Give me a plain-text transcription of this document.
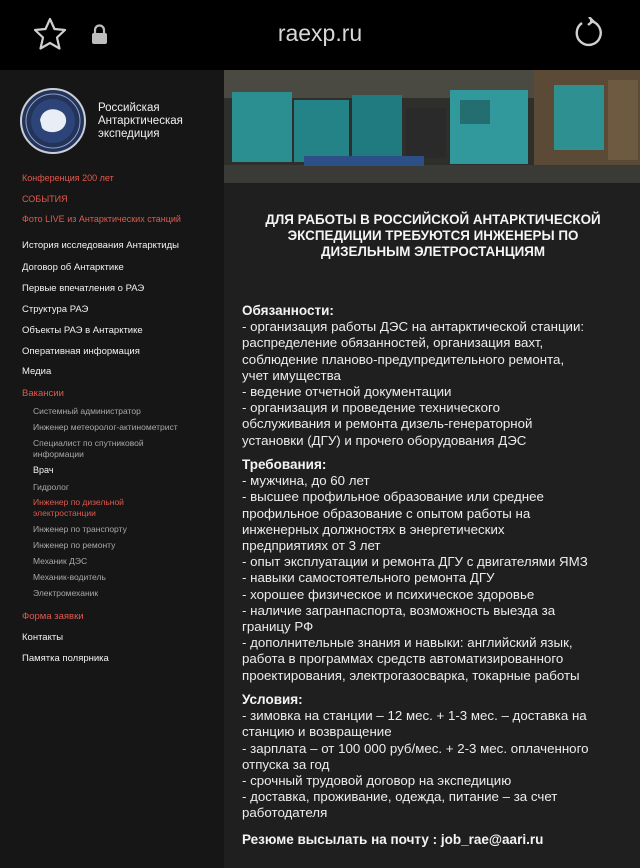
raexp.ru
Российская
Антарктическая
экспедиция
Конференция 200 лет
СОБЫТИЯ
Фото LIVE из Антарктических станций
История исследования Антарктиды
Договор об Антарктике
Первые впечатления о РАЭ
Структура РАЭ
Объекты РАЭ в Антарктике
Оперативная информация
Медиа
Вакансии
Системный администратор
Инженер метеоролог-актинометрист
Специалист по спутниковой
информации
Врач
Гидролог
Инженер по дизельной
электростанции
Инженер по транспорту
Инженер по ремонту
Механик ДЭС
Механик-водитель
Электромеханик
Форма заявки
Контакты
Памятка полярника
ДЛЯ РАБОТЫ В РОССИЙСКОЙ АНТАРКТИЧЕСКОЙ
ЭКСПЕДИЦИИ ТРЕБУЮТСЯ ИНЖЕНЕРЫ ПО
ДИЗЕЛЬНЫМ ЭЛЕТРОСТАНЦИЯМ
Обязанности:

- организация работы ДЭС на антарктической станции:

распределение обязанностей, организация вахт,

соблюдение планово-предупредительного ремонта,

учет имущества

- ведение отчетной документации

- организация и проведение технического

обслуживания и ремонта дизель-генераторной

установки (ДГУ) и прочего оборудования ДЭС

Требования:

- мужчина, до 60 лет

- высшее профильное образование или среднее

профильное образование с опытом работы на

инженерных должностях в энергетических

предприятиях от 3 лет

- опыт эксплуатации и ремонта ДГУ с двигателями ЯМЗ

- навыки самостоятельного ремонта ДГУ

- хорошее физическое и психическое здоровье

- наличие загранпаспорта, возможность выезда за

границу РФ

- дополнительные знания и навыки: английский язык,

работа в программах средств автоматизированного

проектирования, электрогазосварка, токарные работы

Условия:

- зимовка на станции – 12 мес. + 1-3 мес. – доставка на

станцию и возвращение

- зарплата – от 100 000 руб/мес. + 2-3 мес. оплаченного

отпуска за год

- срочный трудовой договор на экспедицию

- доставка, проживание, одежда, питание – за счет

работодателя

Резюме высылать на почту : job_rae@aari.ru
